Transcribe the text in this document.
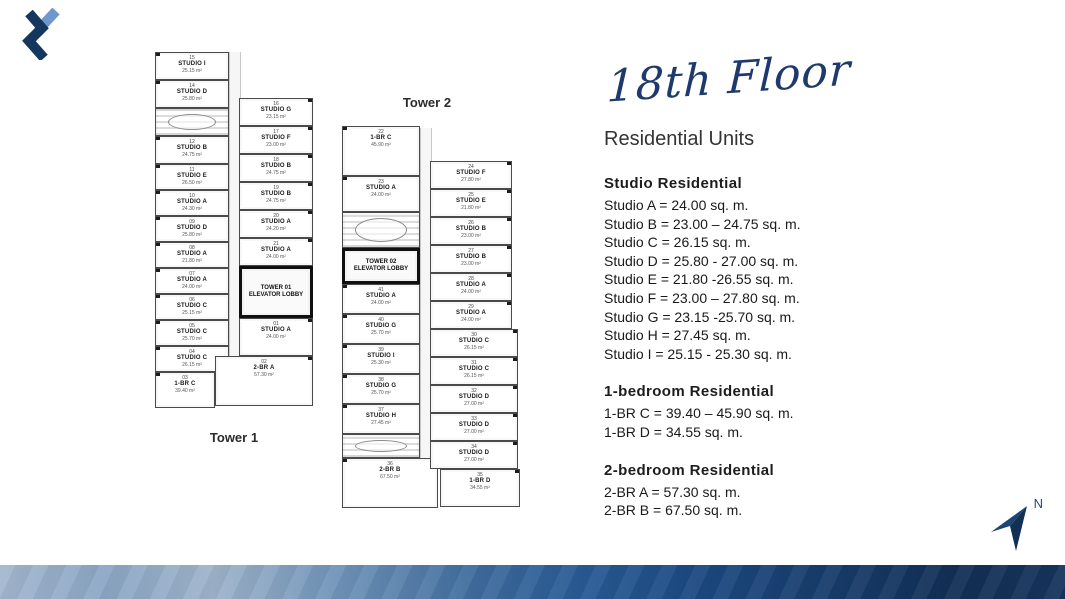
15
STUDIO I
25.15 m²
14
STUDIO D
25.80 m²
12
STUDIO B
24.75 m²
11
STUDIO E
26.50 m²
10
STUDIO A
24.30 m²
09
STUDIO D
25.80 m²
08
STUDIO A
21.80 m²
07
STUDIO A
24.00 m²
06
STUDIO C
25.15 m²
05
STUDIO C
25.70 m²
04
STUDIO C
26.15 m²
03
1-BR C
39.40 m²
16
STUDIO G
23.15 m²
17
STUDIO F
23.00 m²
18
STUDIO B
24.75 m²
19
STUDIO B
24.75 m²
20
STUDIO A
24.20 m²
21
STUDIO A
24.00 m²
TOWER 01 ELEVATOR LOBBY
01
STUDIO A
24.00 m²
02
2-BR A
57.30 m²
Tower 1
22
1-BR C
45.90 m²
23
STUDIO A
24.00 m²
TOWER 02 ELEVATOR LOBBY
41
STUDIO A
24.00 m²
40
STUDIO G
25.70 m²
39
STUDIO I
25.30 m²
38
STUDIO G
25.70 m²
37
STUDIO H
27.45 m²
36
2-BR B
67.50 m²
24
STUDIO F
27.80 m²
25
STUDIO E
21.80 m²
26
STUDIO B
23.00 m²
27
STUDIO B
23.00 m²
28
STUDIO A
24.00 m²
29
STUDIO A
24.00 m²
30
STUDIO C
26.15 m²
31
STUDIO C
26.15 m²
32
STUDIO D
27.00 m²
33
STUDIO D
27.00 m²
34
STUDIO D
27.00 m²
35
1-BR D
34.55 m²
Tower 2	18th Floor
Residential Units
Studio Residential
Studio A = 24.00 sq. m.
Studio B = 23.00 – 24.75 sq. m.
Studio C = 26.15 sq. m.
Studio D = 25.80 - 27.00 sq. m.
Studio E = 21.80 -26.55 sq. m.
Studio F = 23.00 – 27.80 sq. m.
Studio G = 23.15 -25.70 sq. m.
Studio H = 27.45 sq. m.
Studio I = 25.15 - 25.30 sq. m.
1-bedroom Residential
1-BR C = 39.40 – 45.90 sq. m.
1-BR D = 34.55 sq. m.
2-bedroom Residential
2-BR A = 57.30 sq. m.
2-BR B = 67.50 sq. m.	N
